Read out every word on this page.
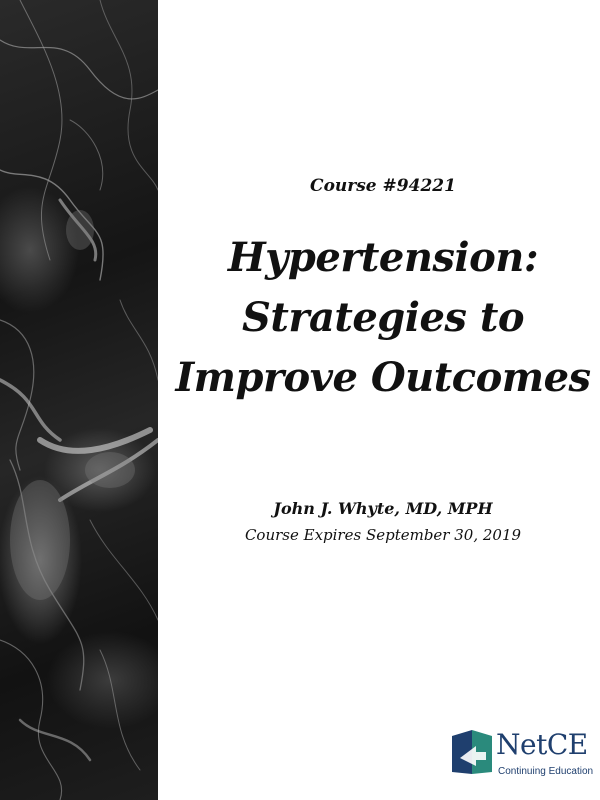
Course #94221
Hypertension:
Strategies to
Improve Outcomes
John J. Whyte, MD, MPH
Course Expires September 30, 2019
NetCE
Continuing Education
